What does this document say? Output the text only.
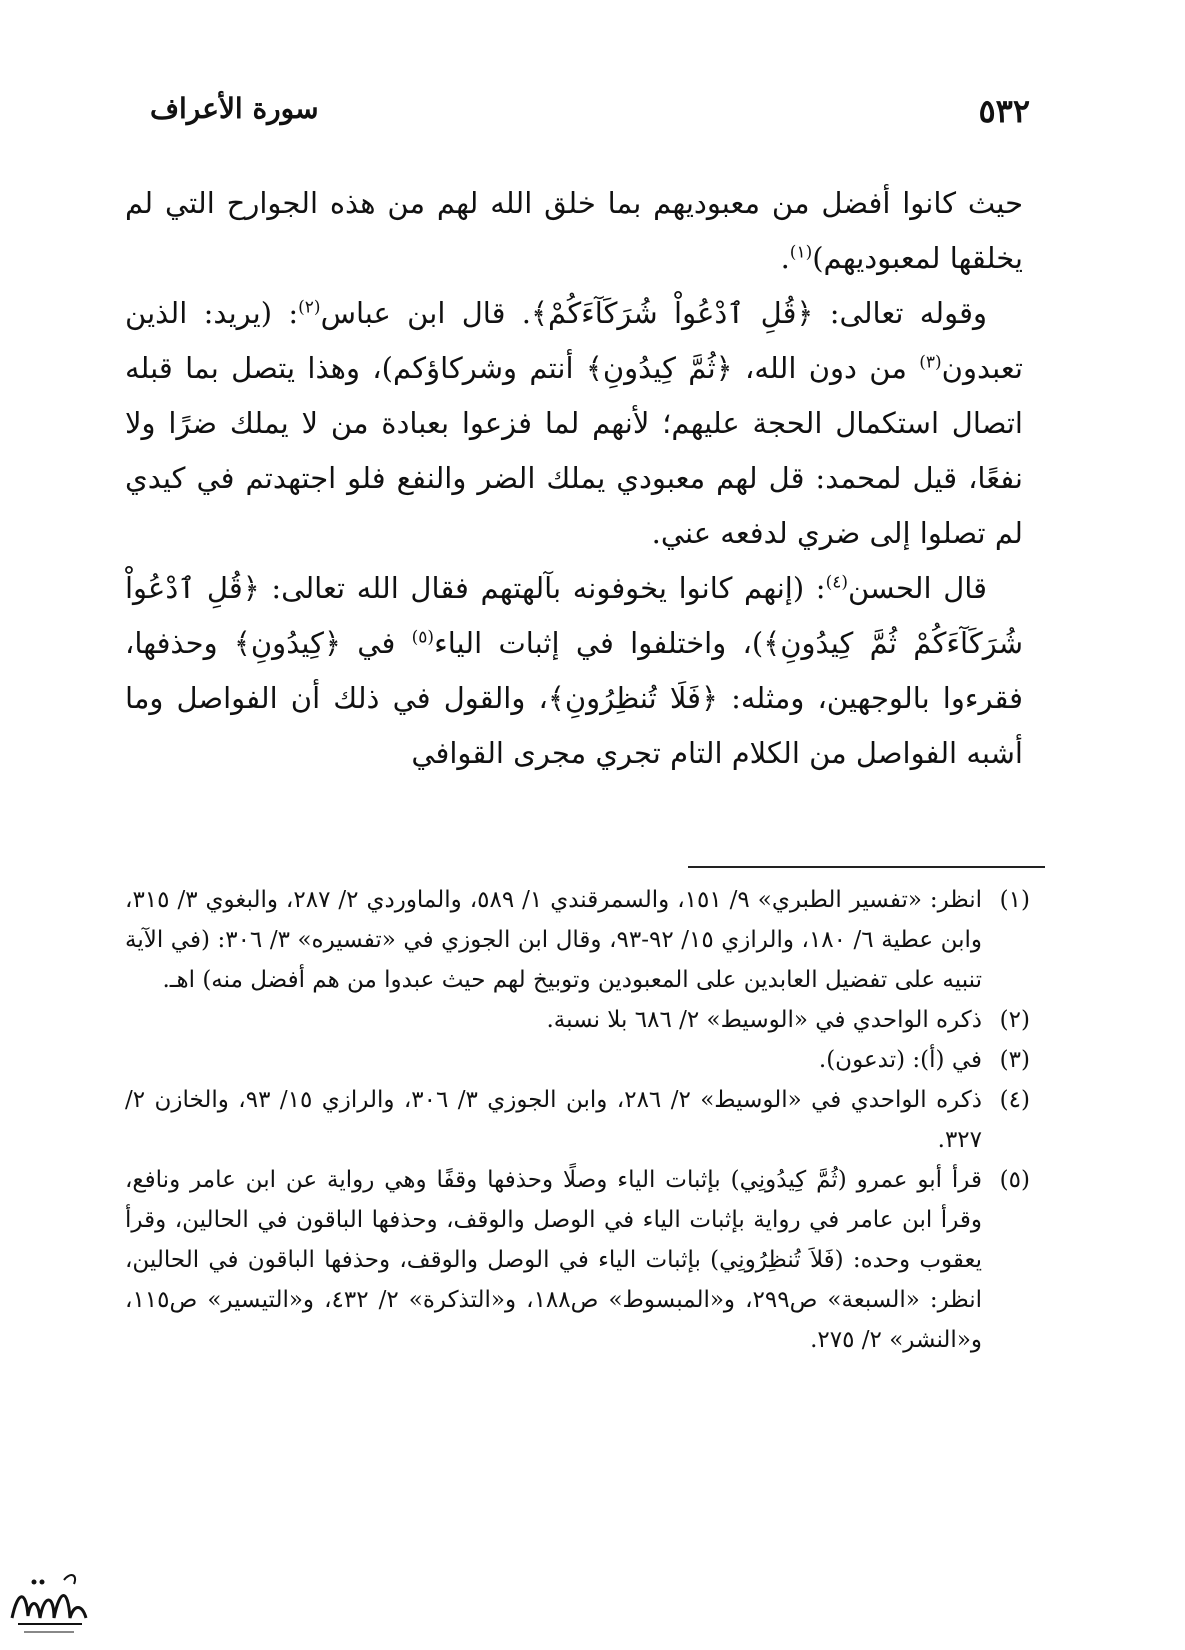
٥٣٢
سورة الأعراف

حيث كانوا أفضل من معبوديهم بما خلق الله لهم من هذه الجوارح التي لم يخلقها لمعبوديهم)$^{(١)}$.

وقوله تعالى: ﴿قُلِ ٱدْعُواْ شُرَكَآءَكُمْ﴾. قال ابن عباس$^{(٢)}$: (يريد: الذين تعبدون$^{(٣)}$ من دون الله، ﴿ثُمَّ كِيدُونِ﴾ أنتم وشركاؤكم)، وهذا يتصل بما قبله اتصال استكمال الحجة عليهم؛ لأنهم لما فزعوا بعبادة من لا يملك ضرًا ولا نفعًا، قيل لمحمد: قل لهم معبودي يملك الضر والنفع فلو اجتهدتم في كيدي لم تصلوا إلى ضري لدفعه عني.

قال الحسن$^{(٤)}$: (إنهم كانوا يخوفونه بآلهتهم فقال الله تعالى: ﴿قُلِ ٱدْعُواْ شُرَكَآءَكُمْ ثُمَّ كِيدُونِ﴾)، واختلفوا في إثبات الياء$^{(٥)}$ في ﴿كِيدُونِ﴾ وحذفها، فقرءوا بالوجهين، ومثله: ﴿فَلَا تُنظِرُونِ﴾، والقول في ذلك أن الفواصل وما أشبه الفواصل من الكلام التام تجري مجرى القوافي

(١)
انظر: «تفسير الطبري» ٩/ ١٥١، والسمرقندي ١/ ٥٨٩، والماوردي ٢/ ٢٨٧، والبغوي ٣/ ٣١٥، وابن عطية ٦/ ١٨٠، والرازي ١٥/ ٩٢-٩٣، وقال ابن الجوزي في «تفسيره» ٣/ ٣٠٦: (في الآية تنبيه على تفضيل العابدين على المعبودين وتوبيخ لهم حيث عبدوا من هم أفضل منه) اهـ.
(٢)
ذكره الواحدي في «الوسيط» ٢/ ٦٨٦ بلا نسبة.
(٣)
في (أ): (تدعون).
(٤)
ذكره الواحدي في «الوسيط» ٢/ ٢٨٦، وابن الجوزي ٣/ ٣٠٦، والرازي ١٥/ ٩٣، والخازن ٢/ ٣٢٧.
(٥)
قرأ أبو عمرو (ثُمَّ كِيدُونِي) بإثبات الياء وصلًا وحذفها وقفًا وهي رواية عن ابن عامر ونافع، وقرأ ابن عامر في رواية بإثبات الياء في الوصل والوقف، وحذفها الباقون في الحالين، وقرأ يعقوب وحده: (فَلاَ تُنظِرُونِي) بإثبات الياء في الوصل والوقف، وحذفها الباقون في الحالين، انظر: «السبعة» ص٢٩٩، و«المبسوط» ص١٨٨، و«التذكرة» ٢/ ٤٣٢، و«التيسير» ص١١٥، و«النشر» ٢/ ٢٧٥.
